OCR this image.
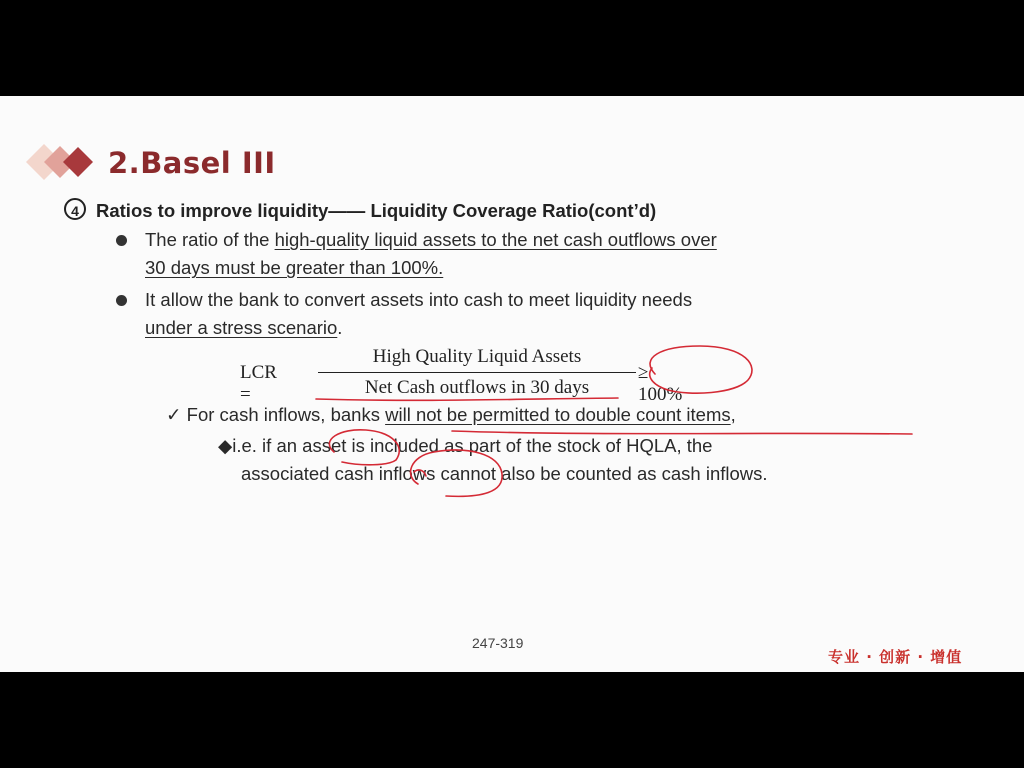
2.Basel III
4 Ratios to improve liquidity—— Liquidity Coverage Ratio(cont’d)
The ratio of the high-quality liquid assets to the net cash outflows over
30 days must be greater than 100%.
It allow the bank to convert assets into cash to meet liquidity needs
under a stress scenario.
LCR =
High Quality Liquid Assets
Net Cash outflows in 30 days
≥ 100%
✓ For cash inflows, banks will not be permitted to double count items,
◆i.e. if an asset is included as part of the stock of HQLA, the
associated cash inflows cannot also be counted as cash inflows.
247-319
专业 · 创新 · 增值
